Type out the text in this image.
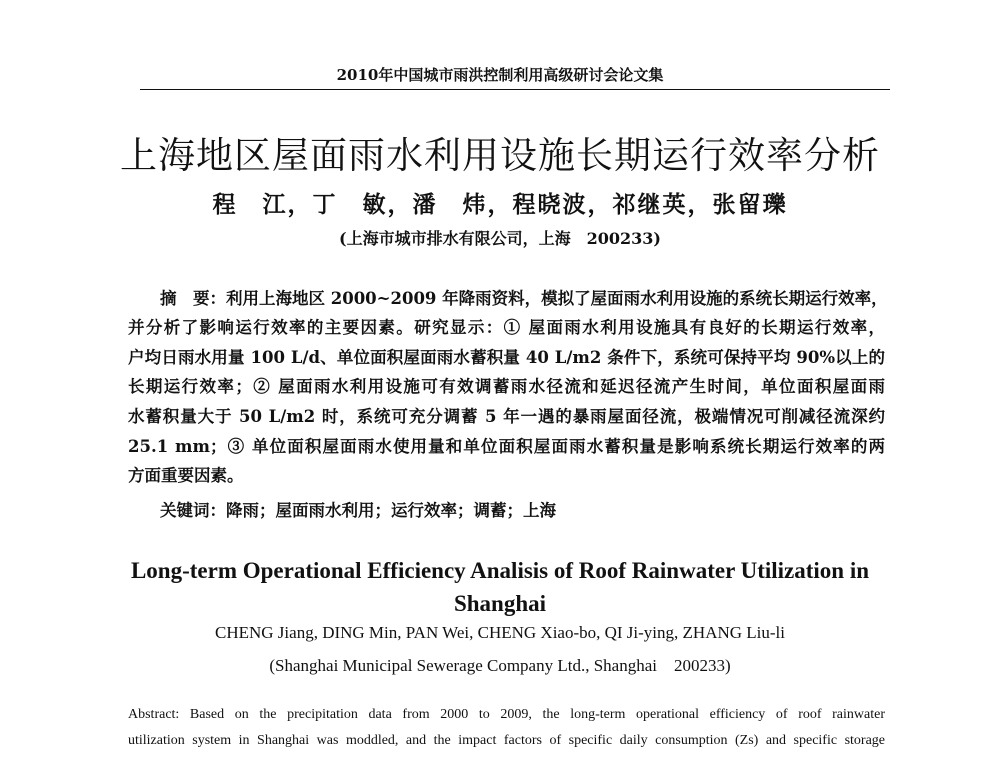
2010年中国城市雨洪控制利用高级研讨会论文集
上海地区屋面雨水利用设施长期运行效率分析
程　江，丁　敏，潘　炜，程晓波，祁继英，张留瓅
(上海市城市排水有限公司，上海　200233)
摘　要：利用上海地区 2000~2009 年降雨资料，模拟了屋面雨水利用设施的系统长期运行效率，
并分析了影响运行效率的主要因素。研究显示：① 屋面雨水利用设施具有良好的长期运行效率，
户均日雨水用量 100 L/d、单位面积屋面雨水蓄积量 40 L/m2 条件下，系统可保持平均 90%以上的
长期运行效率；② 屋面雨水利用设施可有效调蓄雨水径流和延迟径流产生时间，单位面积屋面雨
水蓄积量大于 50 L/m2 时，系统可充分调蓄 5 年一遇的暴雨屋面径流，极端情况可削减径流深约
25.1 mm；③ 单位面积屋面雨水使用量和单位面积屋面雨水蓄积量是影响系统长期运行效率的两
方面重要因素。
关键词：降雨；屋面雨水利用；运行效率；调蓄；上海
Long-term Operational Efficiency Analisis of Roof Rainwater Utilization in
Shanghai
CHENG Jiang, DING Min, PAN Wei, CHENG Xiao-bo, QI Ji-ying, ZHANG Liu-li
(Shanghai Municipal Sewerage Company Ltd., Shanghai　200233)
Abstract: Based on the precipitation data from 2000 to 2009, the long-term operational efficiency of roof rainwater
utilization system in Shanghai was moddled, and the impact factors of specific daily consumption (Zs) and specific storage
